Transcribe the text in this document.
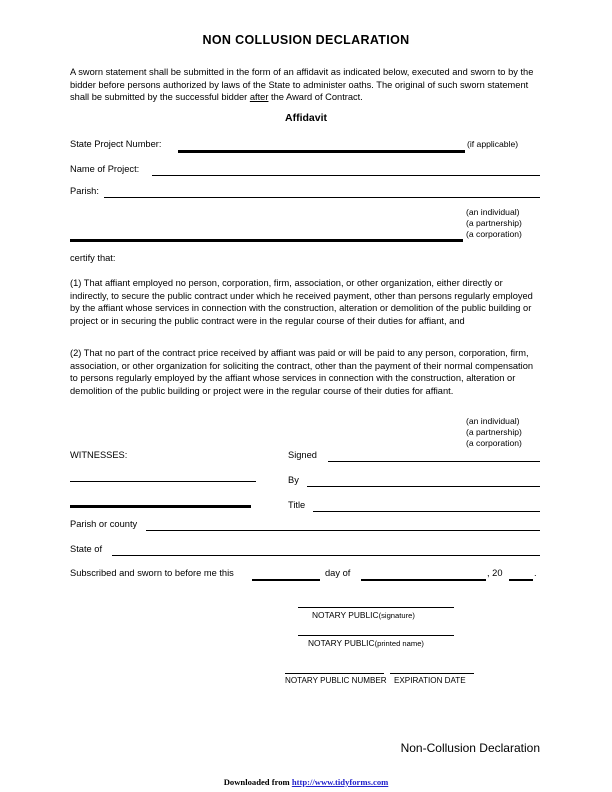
NON COLLUSION DECLARATION
A sworn statement shall be submitted in the form of an affidavit as indicated below, executed and sworn to by the bidder before persons authorized by laws of the State to administer oaths. The original of such sworn statement shall be submitted by the successful bidder after the Award of Contract.
Affidavit
State Project Number:	(if applicable)
Name of Project:
Parish:
(an individual)
(a partnership)
(a corporation)
certify that:
(1) That affiant employed no person, corporation, firm, association, or other organization, either directly or indirectly, to secure the public contract under which he received payment, other than persons regularly employed by the affiant whose services in connection with the construction, alteration or demolition of the public building or project or in securing the public contract were in the regular course of their duties for affiant, and
(2) That no part of the contract price received by affiant was paid or will be paid to any person, corporation, firm, association, or other organization for soliciting the contract, other than the payment of their normal compensation to persons regularly employed by the affiant whose services in connection with the construction, alteration or demolition of the public building or project were in the regular course of their duties for affiant.
(an individual)
(a partnership)
(a corporation)
WITNESSES:	Signed
By
Title
Parish or county
State of
Subscribed and sworn to before me this	day of	, 20	.
NOTARY PUBLIC(signature)
NOTARY PUBLIC(printed name)
NOTARY PUBLIC NUMBER EXPIRATION DATE
Non-Collusion Declaration
Downloaded from http://www.tidyforms.com
